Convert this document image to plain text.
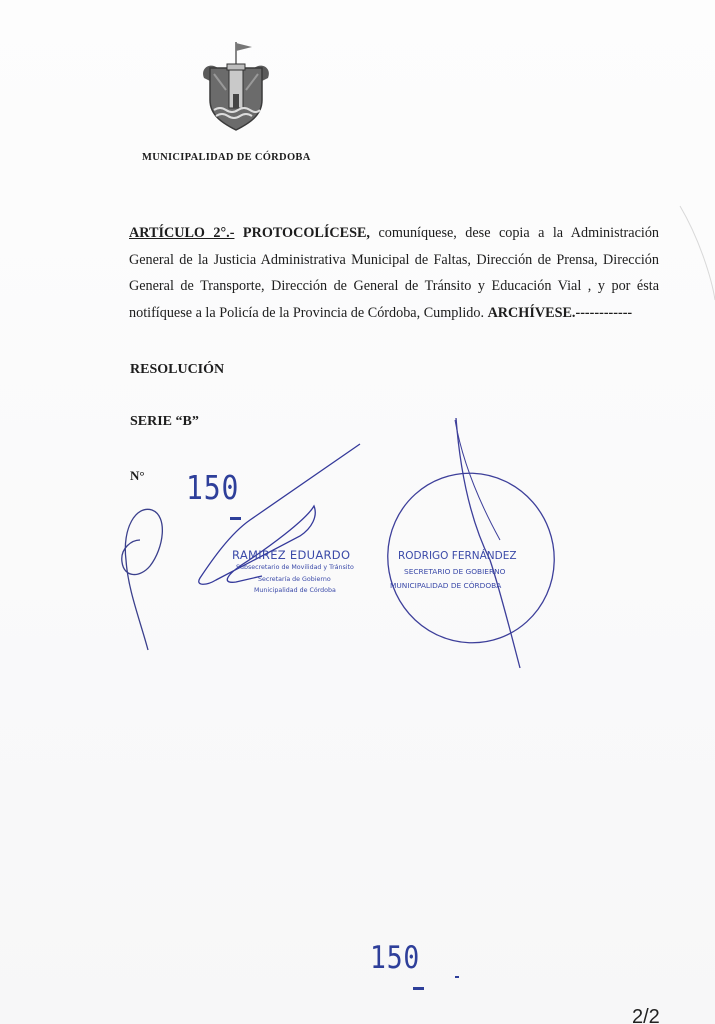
MUNICIPALIDAD DE CÓRDOBA
ARTÍCULO 2°.- PROTOCOLÍCESE, comuníquese, dese copia a la Administración
General de la Justicia Administrativa Municipal de Faltas, Dirección de Prensa, Dirección
General de Transporte, Dirección de General de Tránsito y Educación Vial , y por ésta
notifíquese a la Policía de la Provincia de Córdoba, Cumplido. ARCHÍVESE.------------
RESOLUCIÓN
SERIE “B”
N° 150
RAMIREZ EDUARDO
Subsecretario de Movilidad y Tránsito
Secretaría de Gobierno
Municipalidad de Córdoba
RODRIGO FERNÁNDEZ
SECRETARIO DE GOBIERNO
MUNICIPALIDAD DE CÓRDOBA
150
2/2
